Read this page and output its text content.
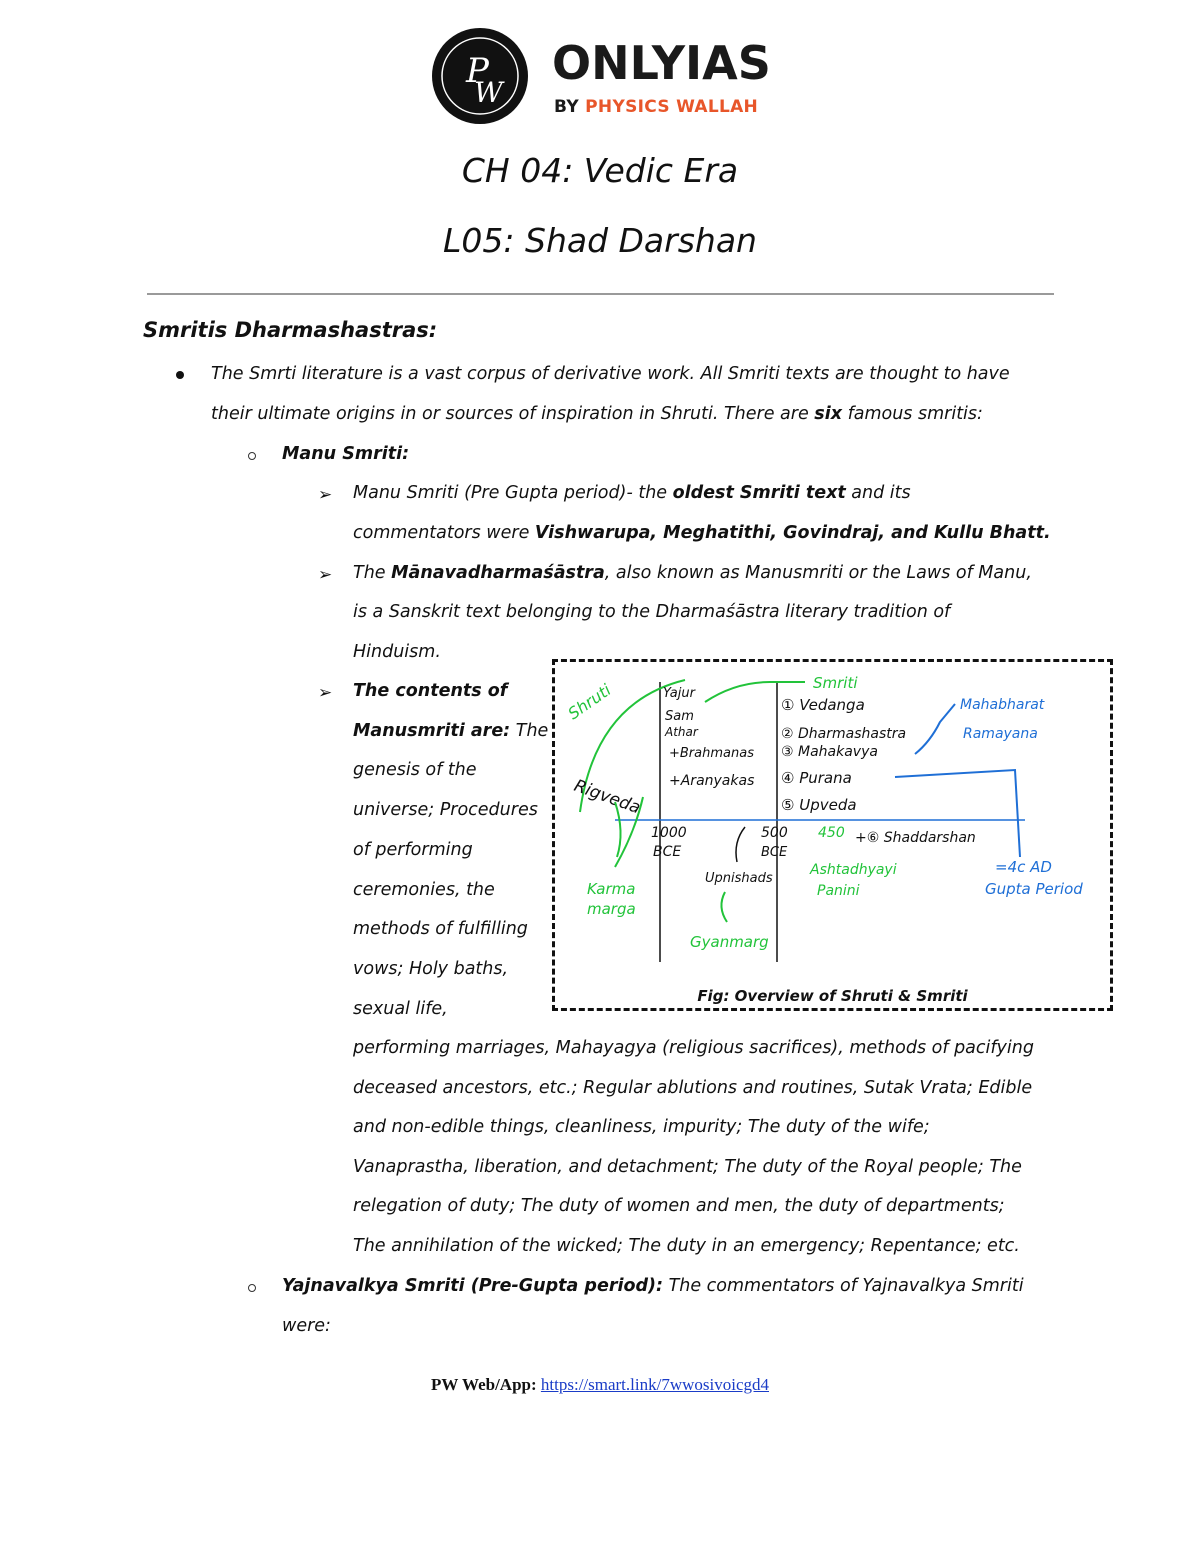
P
W
ONLYIAS
BY PHYSICS WALLAH
CH 04: Vedic Era
L05: Shad Darshan
Smritis Dharmashastras:
The Smrti literature is a vast corpus of derivative work. All Smriti texts are thought to have
their ultimate origins in or sources of inspiration in Shruti. There are six famous smritis:
Manu Smriti:
➢ Manu Smriti (Pre Gupta period)- the oldest Smriti text and its
commentators were Vishwarupa, Meghatithi, Govindraj, and Kullu Bhatt.
➢ The Mānavadharmaśāstra, also known as Manusmriti or the Laws of Manu,
is a Sanskrit text belonging to the Dharmaśāstra literary tradition of
Hinduism.
➢ The contents of
Manusmriti are: The
genesis of the
universe; Procedures
of performing
ceremonies, the
methods of fulfilling
vows; Holy baths,
sexual life,
performing marriages, Mahayagya (religious sacrifices), methods of pacifying
deceased ancestors, etc.; Regular ablutions and routines, Sutak Vrata; Edible
and non-edible things, cleanliness, impurity; The duty of the wife;
Vanaprastha, liberation, and detachment; The duty of the Royal people; The
relegation of duty; The duty of women and men, the duty of departments;
The annihilation of the wicked; The duty in an emergency; Repentance; etc.
Yajnavalkya Smriti (Pre-Gupta period): The commentators of Yajnavalkya Smriti
were:
Shruti
Rigveda
Yajur
Sam
Athar
+Brahmanas
+Aranyakas
Smriti
① Vedanga
② Dharmashastra
③ Mahakavya
④ Purana
⑤ Upveda
+⑥ Shaddarshan
Mahabharat
Ramayana
=4c AD
Gupta Period
1000
BCE
500
BCE
450
Upnishads
Ashtadhyayi
Panini
Karma
marga
Gyanmarg
Fig: Overview of Shruti & Smriti
PW Web/App: https://smart.link/7wwosivoicgd4
